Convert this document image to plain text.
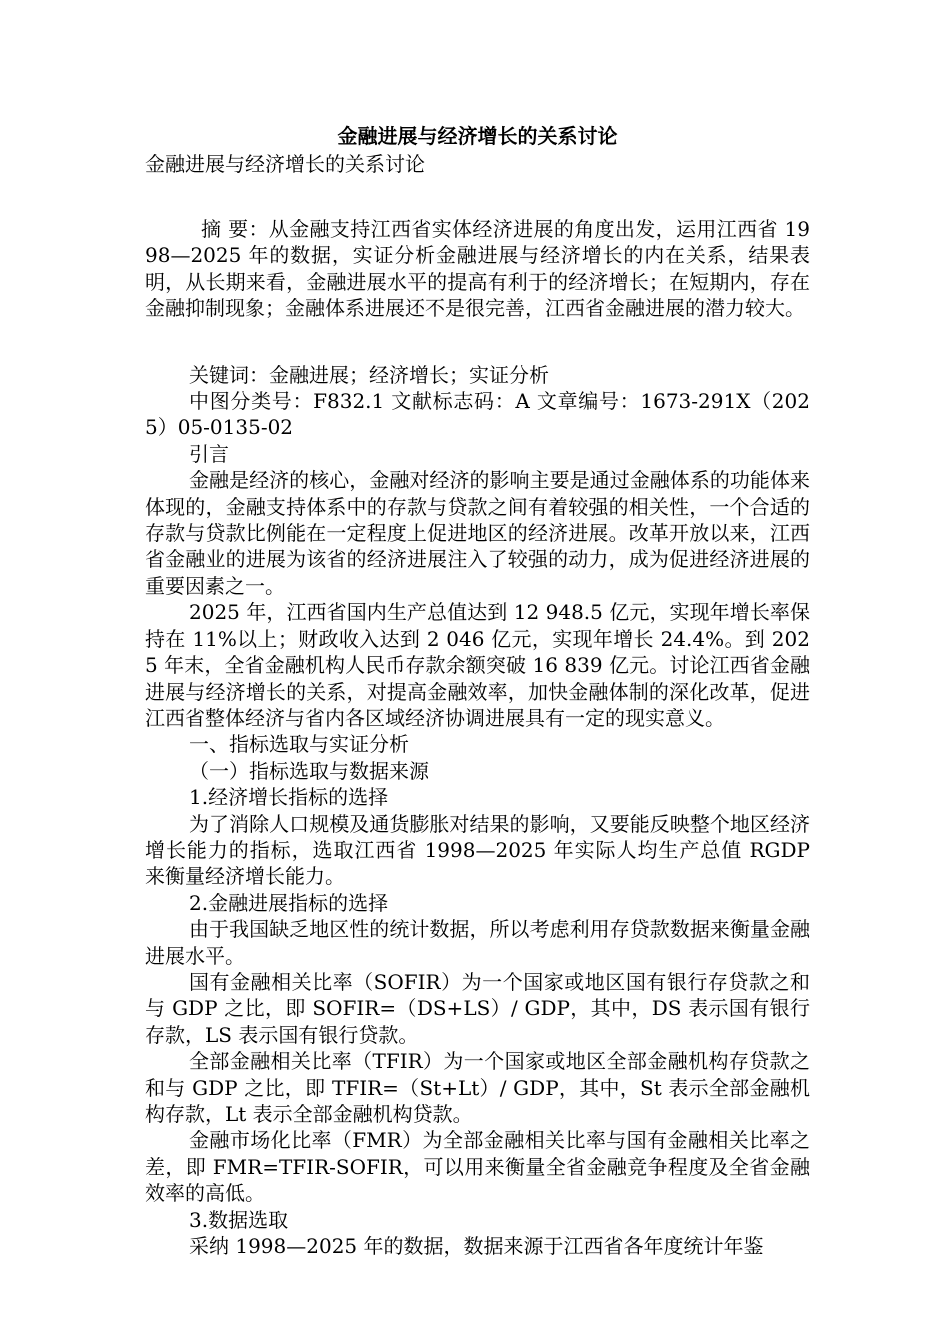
金融进展与经济增长的关系讨论

金融进展与经济增长的关系讨论

摘 要：从金融支持江西省实体经济进展的角度出发，运用江西省 1998—2025 年的数据，实证分析金融进展与经济增长的内在关系，结果表明，从长期来看，金融进展水平的提高有利于的经济增长；在短期内，存在金融抑制现象；金融体系进展还不是很完善，江西省金融进展的潜力较大。

关键词：金融进展；经济增长；实证分析

中图分类号：F832.1 文献标志码：A 文章编号：1673-291X（2025）05-0135-02

引言

金融是经济的核心，金融对经济的影响主要是通过金融体系的功能体来体现的，金融支持体系中的存款与贷款之间有着较强的相关性，一个合适的存款与贷款比例能在一定程度上促进地区的经济进展。改革开放以来，江西省金融业的进展为该省的经济进展注入了较强的动力，成为促进经济进展的重要因素之一。

2025 年，江西省国内生产总值达到 12 948.5 亿元，实现年增长率保持在 11%以上；财政收入达到 2 046 亿元，实现年增长 24.4%。到 2025 年末，全省金融机构人民币存款余额突破 16 839 亿元。讨论江西省金融进展与经济增长的关系，对提高金融效率，加快金融体制的深化改革，促进江西省整体经济与省内各区域经济协调进展具有一定的现实意义。

一、指标选取与实证分析

（一）指标选取与数据来源

1.经济增长指标的选择

为了消除人口规模及通货膨胀对结果的影响，又要能反映整个地区经济增长能力的指标，选取江西省 1998—2025 年实际人均生产总值 RGDP 来衡量经济增长能力。

2.金融进展指标的选择

由于我国缺乏地区性的统计数据，所以考虑利用存贷款数据来衡量金融进展水平。

国有金融相关比率（SOFIR）为一个国家或地区国有银行存贷款之和与 GDP 之比，即 SOFIR=（DS+LS）/ GDP，其中，DS 表示国有银行存款，LS 表示国有银行贷款。

全部金融相关比率（TFIR）为一个国家或地区全部金融机构存贷款之和与 GDP 之比，即 TFIR=（St+Lt）/ GDP，其中，St 表示全部金融机构存款，Lt 表示全部金融机构贷款。

金融市场化比率（FMR）为全部金融相关比率与国有金融相关比率之差，即 FMR=TFIR-SOFIR，可以用来衡量全省金融竞争程度及全省金融效率的高低。

3.数据选取

采纳 1998—2025 年的数据，数据来源于江西省各年度统计年鉴
